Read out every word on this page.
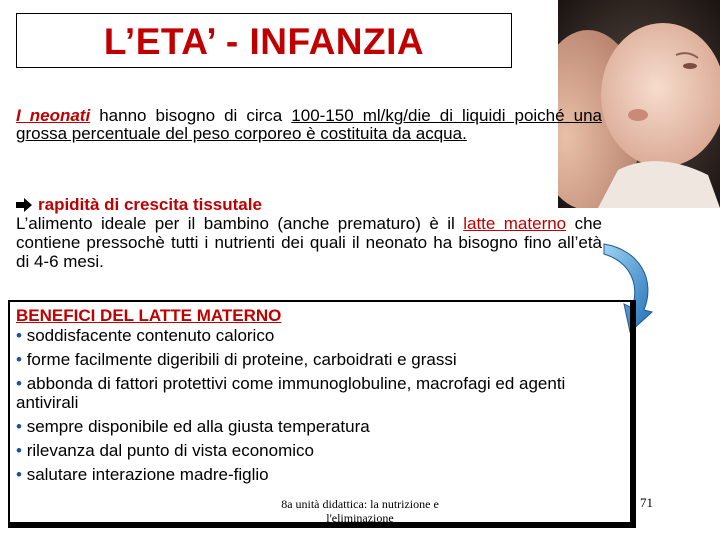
L’ETA’ - INFANZIA
I neonati hanno bisogno di circa 100-150 ml/kg/die di liquidi poiché una grossa percentuale del peso corporeo è costituita da acqua.
rapidità di crescita tissutale
L’alimento ideale per il bambino (anche prematuro) è il latte materno che contiene pressochè tutti i nutrienti dei quali il neonato ha bisogno fino all’età di 4-6 mesi.
BENEFICI DEL LATTE MATERNO
• soddisfacente contenuto calorico
• forme facilmente digeribili di proteine, carboidrati e grassi
• abbonda di fattori protettivi come immunoglobuline, macrofagi ed agenti antivirali
• sempre disponibile ed alla giusta temperatura
• rilevanza dal punto di vista economico
• salutare interazione madre-figlio
8a unità didattica: la nutrizione e l'eliminazione
71
